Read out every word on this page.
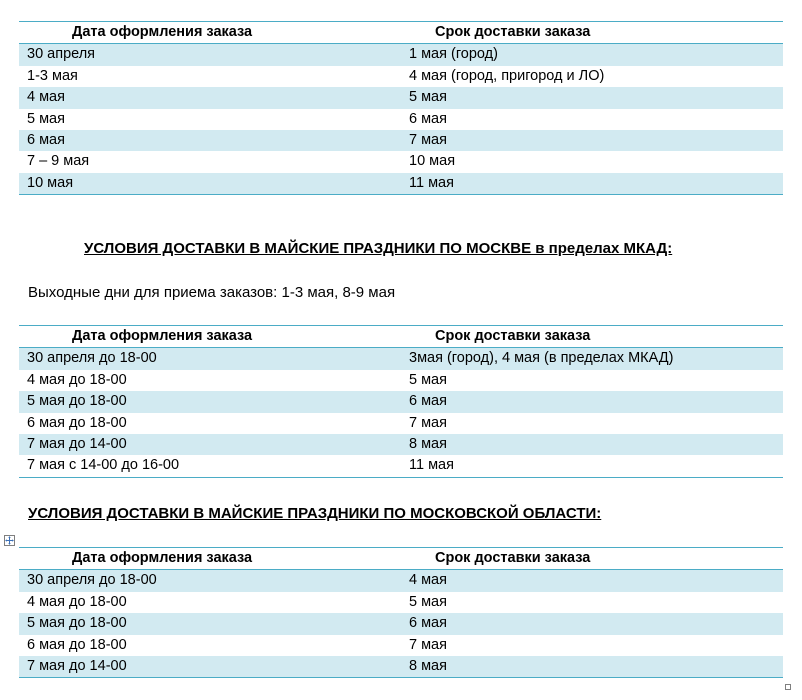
Дата оформления заказа	Срок доставки заказа
30 апреля	1 мая (город)
1-3 мая	4 мая (город, пригород и ЛО)
4 мая	5 мая
5 мая	6 мая
6 мая	7 мая
7 – 9 мая	10 мая
10 мая	11 мая
УСЛОВИЯ ДОСТАВКИ В МАЙСКИЕ ПРАЗДНИКИ ПО МОСКВЕ в пределах МКАД:
Выходные дни для приема заказов: 1-3 мая, 8-9 мая
Дата оформления заказа	Срок доставки заказа
30 апреля до 18-00	3мая (город), 4 мая (в пределах МКАД)
4 мая до 18-00	5 мая
5 мая до 18-00	6 мая
6 мая до 18-00	7 мая
7 мая до 14-00	8 мая
7 мая с 14-00 до 16-00	11 мая
УСЛОВИЯ ДОСТАВКИ В МАЙСКИЕ ПРАЗДНИКИ ПО МОСКОВСКОЙ ОБЛАСТИ:
Дата оформления заказа	Срок доставки заказа
30 апреля до 18-00	4 мая
4 мая до 18-00	5 мая
5 мая до 18-00	6 мая
6 мая до 18-00	7 мая
7 мая до 14-00	8 мая
